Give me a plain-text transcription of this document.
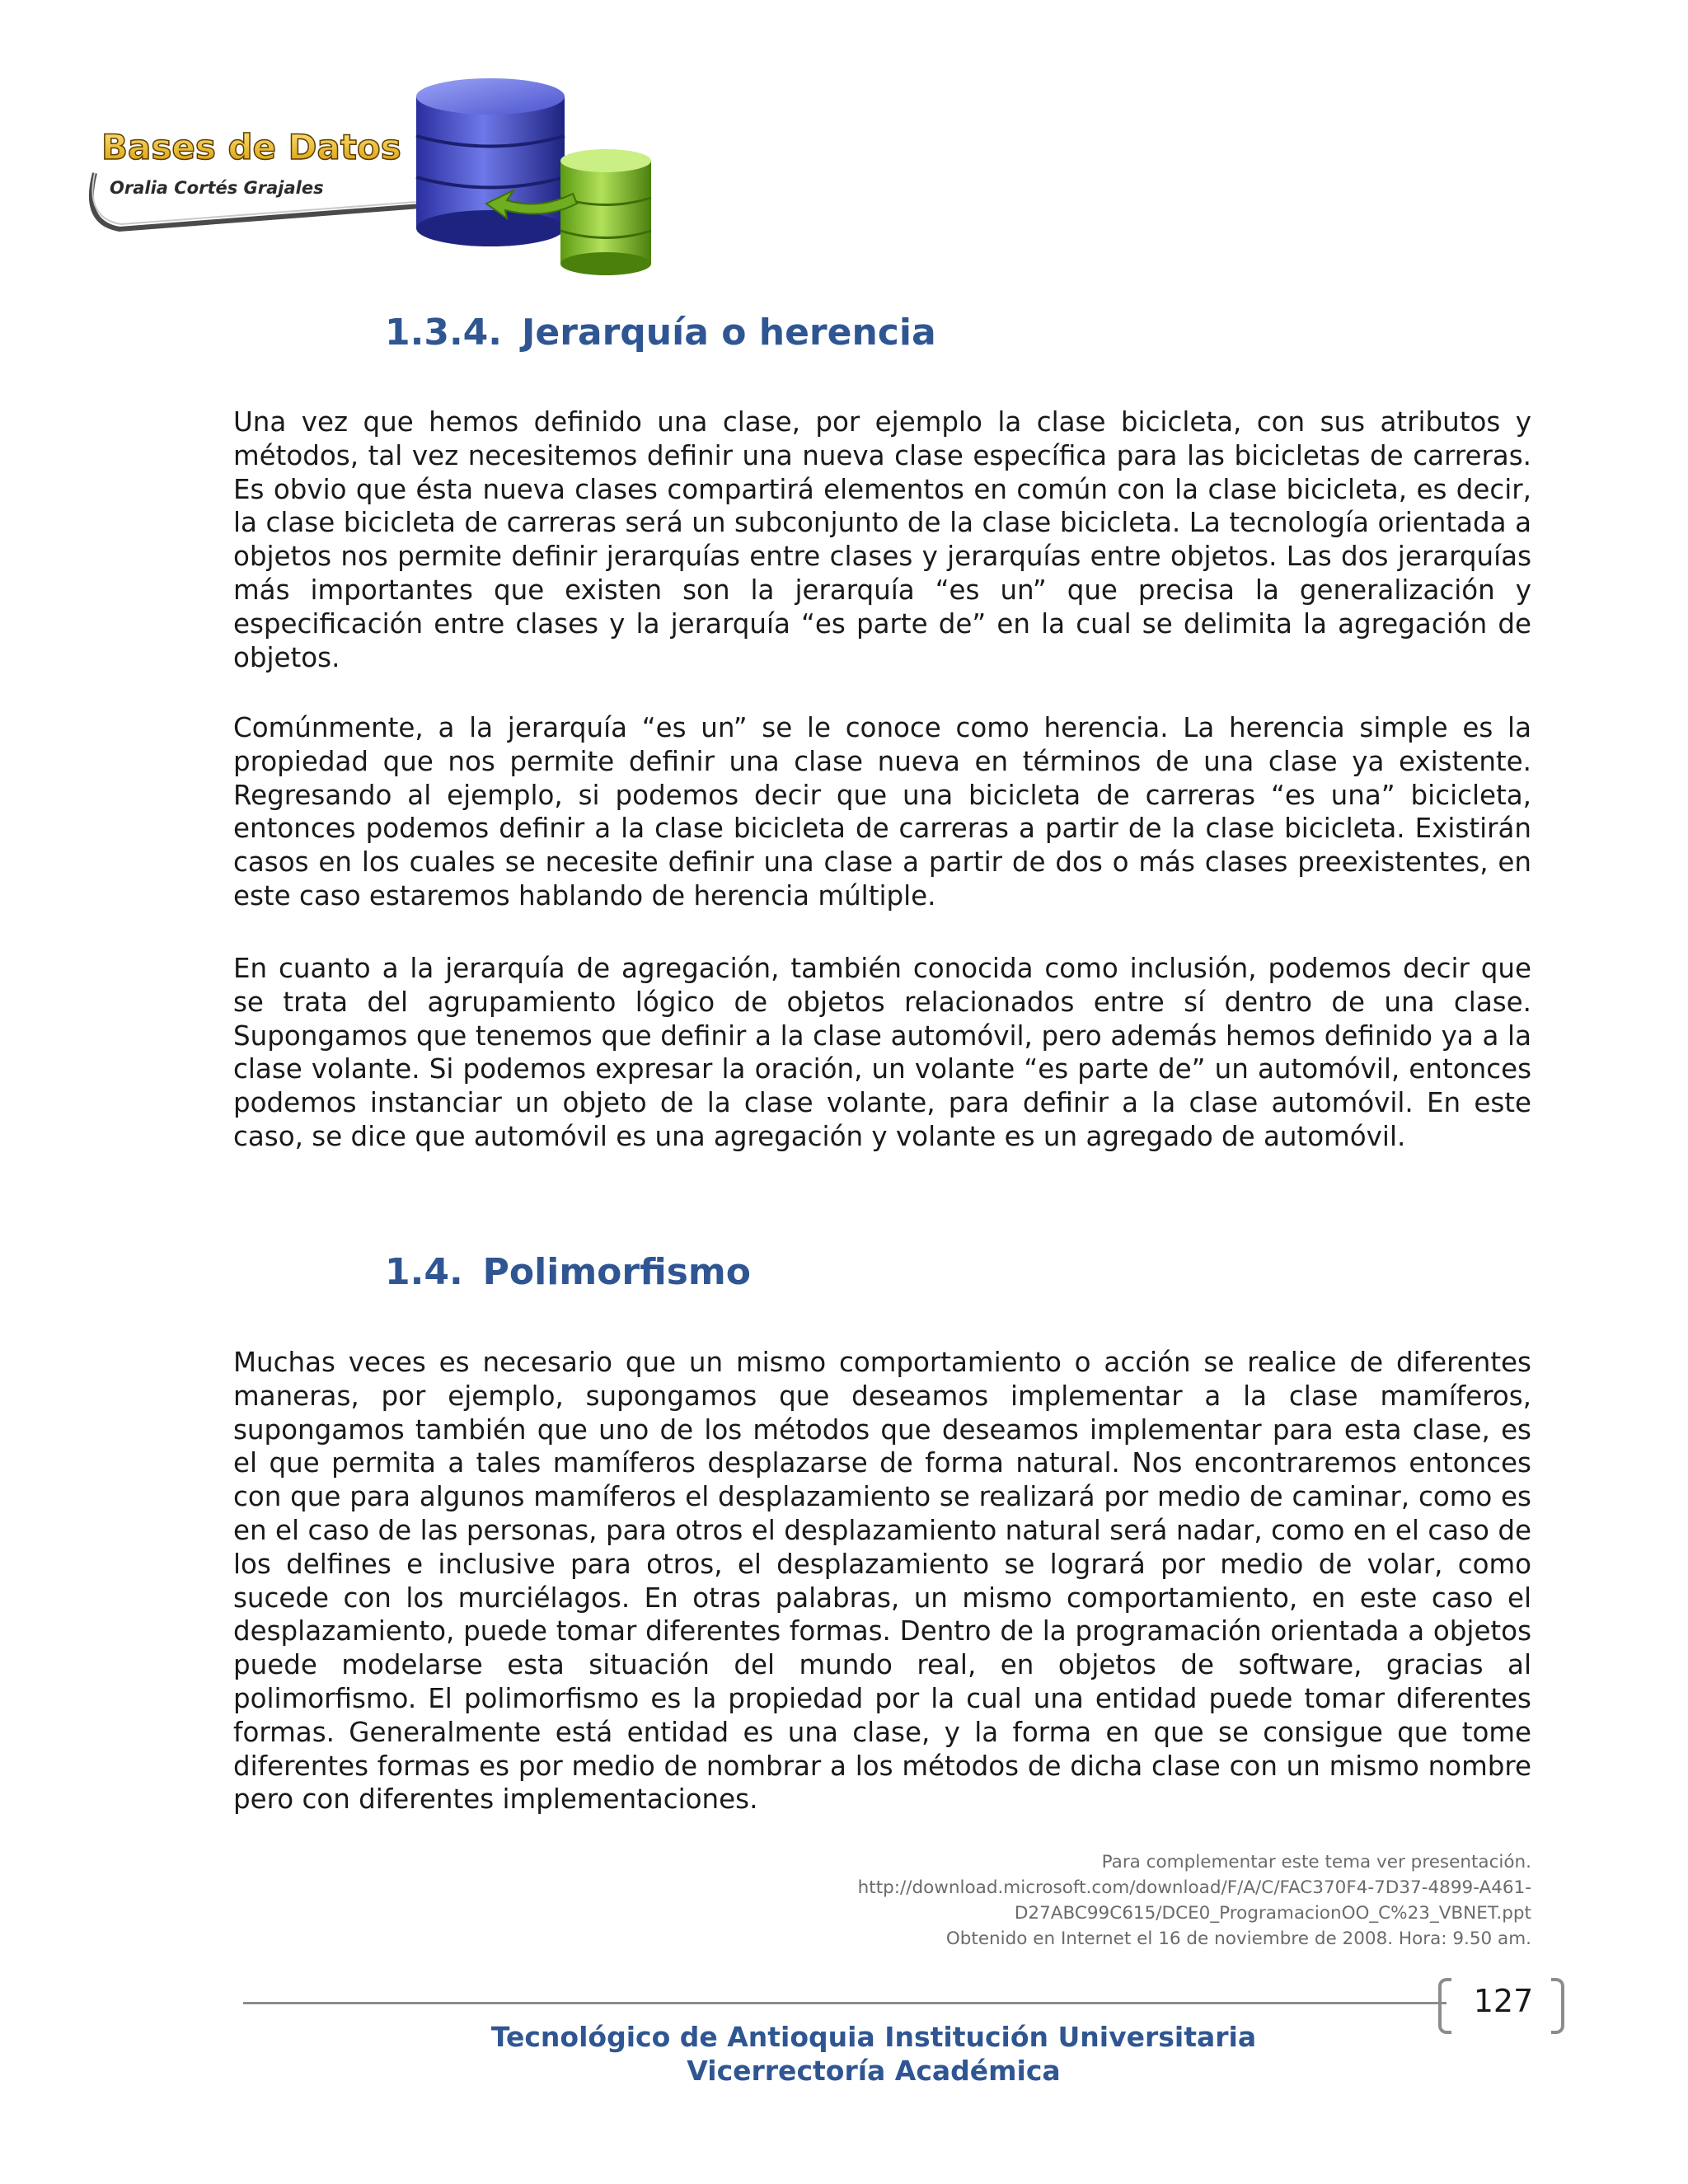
Bases de Datos
Oralia Cortés Grajales
1.3.4. Jerarquía o herencia

Una vez que hemos definido una clase, por ejemplo la clase bicicleta, con sus atributos y métodos, tal vez necesitemos definir una nueva clase específica para las bicicletas de carreras. Es obvio que ésta nueva clases compartirá elementos en común con la clase bicicleta, es decir, la clase bicicleta de carreras será un subconjunto de la clase bicicleta. La tecnología orientada a objetos nos permite definir jerarquías entre clases y jerarquías entre objetos. Las dos jerarquías más importantes que existen son la jerarquía “es un” que precisa la generalización y especificación entre clases y la jerarquía “es parte de” en la cual se delimita la agregación de objetos.

Comúnmente, a la jerarquía “es un” se le conoce como herencia. La herencia simple es la propiedad que nos permite definir una clase nueva en términos de una clase ya existente. Regresando al ejemplo, si podemos decir que una bicicleta de carreras “es una” bicicleta, entonces podemos definir a la clase bicicleta de carreras a partir de la clase bicicleta. Existirán casos en los cuales se necesite definir una clase a partir de dos o más clases preexistentes, en este caso estaremos hablando de herencia múltiple.

En cuanto a la jerarquía de agregación, también conocida como inclusión, podemos decir que se trata del agrupamiento lógico de objetos relacionados entre sí dentro de una clase. Supongamos que tenemos que definir a la clase automóvil, pero además hemos definido ya a la clase volante. Si podemos expresar la oración, un volante “es parte de” un automóvil, entonces podemos instanciar un objeto de la clase volante, para definir a la clase automóvil. En este caso, se dice que automóvil es una agregación y volante es un agregado de automóvil.

1.4. Polimorfismo

Muchas veces es necesario que un mismo comportamiento o acción se realice de diferentes maneras, por ejemplo, supongamos que deseamos implementar a la clase mamíferos, supongamos también que uno de los métodos que deseamos implementar para esta clase, es el que permita a tales mamíferos desplazarse de forma natural. Nos encontraremos entonces con que para algunos mamíferos el desplazamiento se realizará por medio de caminar, como es en el caso de las personas, para otros el desplazamiento natural será nadar, como en el caso de los delfines e inclusive para otros, el desplazamiento se logrará por medio de volar, como sucede con los murciélagos. En otras palabras, un mismo comportamiento, en este caso el desplazamiento, puede tomar diferentes formas. Dentro de la programación orientada a objetos puede modelarse esta situación del mundo real, en objetos de software, gracias al polimorfismo. El polimorfismo es la propiedad por la cual una entidad puede tomar diferentes formas. Generalmente está entidad es una clase, y la forma en que se consigue que tome diferentes formas es por medio de nombrar a los métodos de dicha clase con un mismo nombre pero con diferentes implementaciones.

Para complementar este tema ver presentación.
http://download.microsoft.com/download/F/A/C/FAC370F4-7D37-4899-A461-
D27ABC99C615/DCE0_ProgramacionOO_C%23_VBNET.ppt
Obtenido en Internet el 16 de noviembre de 2008. Hora: 9.50 am.
127
Tecnológico de Antioquia Institución Universitaria
Vicerrectoría Académica
